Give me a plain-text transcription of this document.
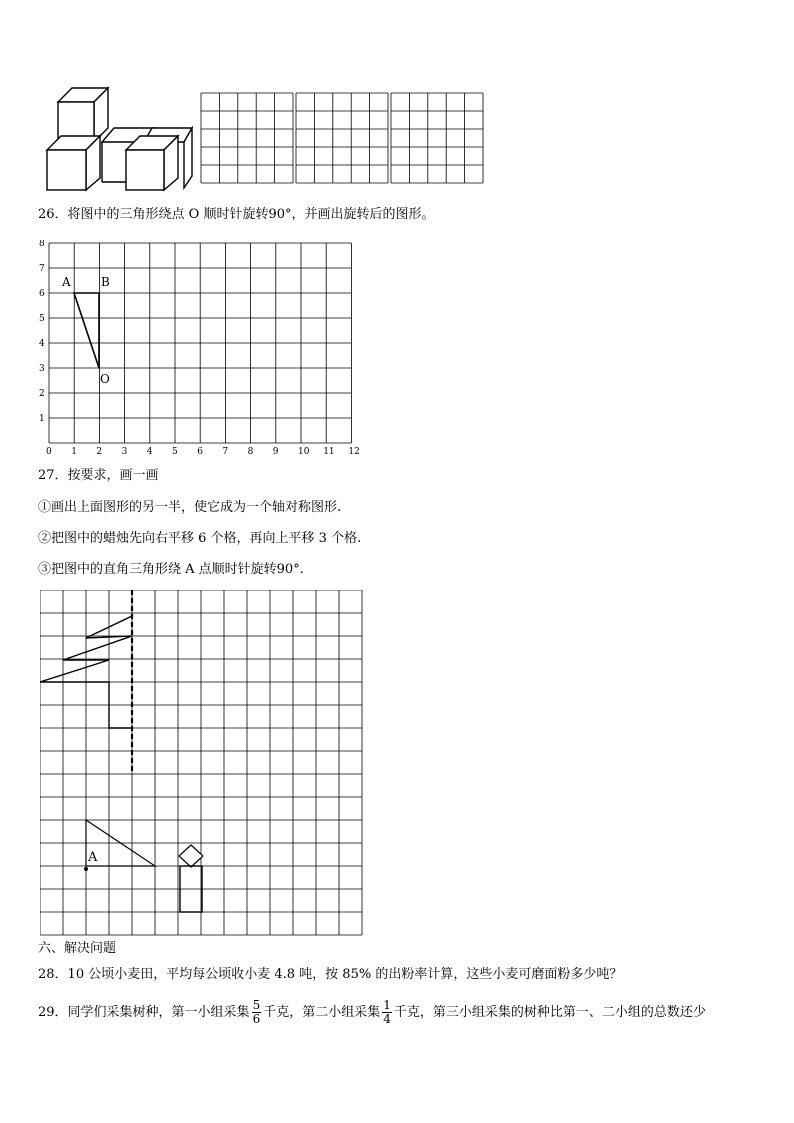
26．将图中的三角形绕点 O 顺时针旋转90°，并画出旋转后的图形。
0 1 2 3 4 5 6 7 8 9 10 11 12
1
2
3
4
5
6
7
8
A	B
O
27．按要求，画一画
①画出上面图形的另一半，使它成为一个轴对称图形.
②把图中的蜡烛先向右平移 6 个格，再向上平移 3 个格.
③把图中的直角三角形绕 A 点顺时针旋转90°.
A
六、解决问题
28．10 公顷小麦田，平均每公顷收小麦 4.8 吨，按 85% 的出粉率计算，这些小麦可磨面粉多少吨？
29．同学们采集树种，第一小组采集 $\frac{5}{6}$ 千克，第二小组采集 $\frac{1}{4}$ 千克，第三小组采集的树种比第一、二小组的总数还少
